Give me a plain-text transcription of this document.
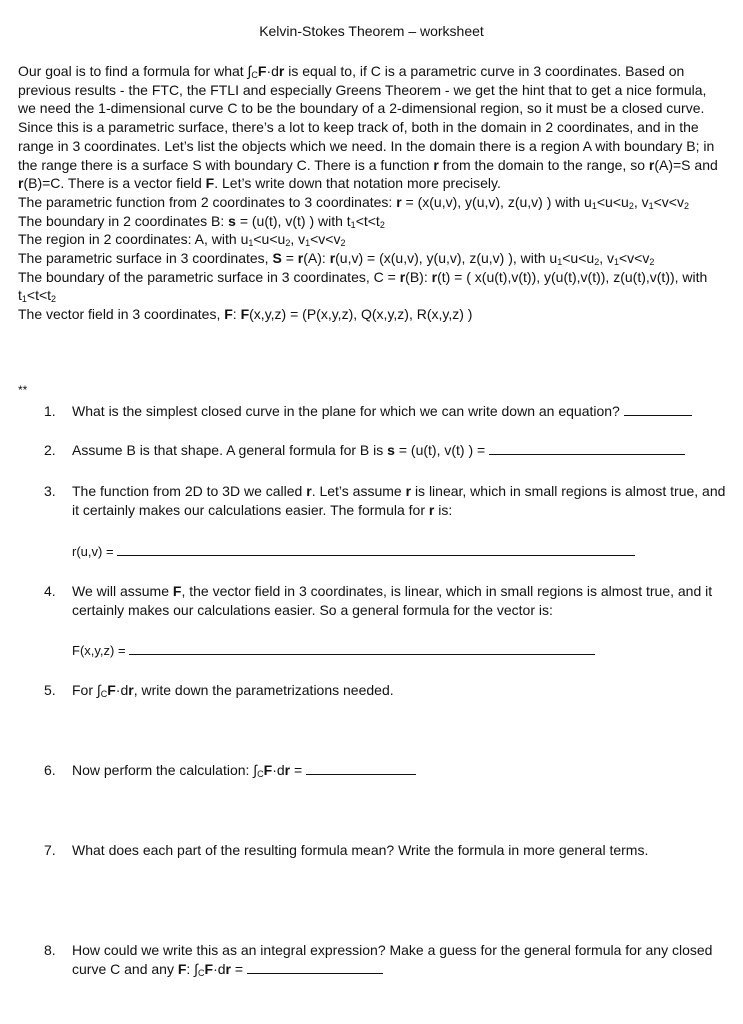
Kelvin-Stokes Theorem – worksheet

Our goal is to find a formula for what $\int_CF\cdot dr$ is equal to, if C is a parametric curve in 3 coordinates. Based on previous results - the FTC, the FTLI and especially Greens Theorem - we get the hint that to get a nice formula, we need the 1-dimensional curve C to be the boundary of a 2-dimensional region, so it must be a closed curve. Since this is a parametric surface, there’s a lot to keep track of, both in the domain in 2 coordinates, and in the range in 3 coordinates. Let’s list the objects which we need. In the domain there is a region A with boundary B; in the range there is a surface S with boundary C. There is a function r from the domain to the range, so r(A)=S and r(B)=C. There is a vector field F. Let’s write down that notation more precisely.

The parametric function from 2 coordinates to 3 coordinates: r = (x(u,v), y(u,v), z(u,v) ) with $u_1<u<u_2$, $v_1<v<v_2$

The boundary in 2 coordinates B: s = (u(t), v(t) ) with $t_1<t<t_2$

The region in 2 coordinates: A, with $u_1<u<u_2$, $v_1<v<v_2$

The parametric surface in 3 coordinates, S = r(A): r(u,v) = (x(u,v), y(u,v), z(u,v) ), with $u_1<u<u_2$, $v_1<v<v_2$

The boundary of the parametric surface in 3 coordinates, C = r(B): r(t) = ( x(u(t),v(t)), y(u(t),v(t)), z(u(t),v(t)), with $t_1<t<t_2$

The vector field in 3 coordinates, F: F(x,y,z) = (P(x,y,z), Q(x,y,z), R(x,y,z) )

**
1.	What is the simplest closed curve in the plane for which we can write down an equation?
2.	Assume B is that shape. A general formula for B is s = (u(t), v(t) ) =
3.	The function from 2D to 3D we called r. Let’s assume r is linear, which in small regions is almost true, and it certainly makes our calculations easier. The formula for r is:
r(u,v) =
4.	We will assume F, the vector field in 3 coordinates, is linear, which in small regions is almost true, and it certainly makes our calculations easier. So a general formula for the vector is:
F(x,y,z) =
5.	For $\int_CF\cdot dr$, write down the parametrizations needed.
6.	Now perform the calculation: $\int_CF\cdot dr$ =
7.	What does each part of the resulting formula mean? Write the formula in more general terms.
8.	How could we write this as an integral expression? Make a guess for the general formula for any closed curve C and any F: $\int_CF\cdot dr$ =
